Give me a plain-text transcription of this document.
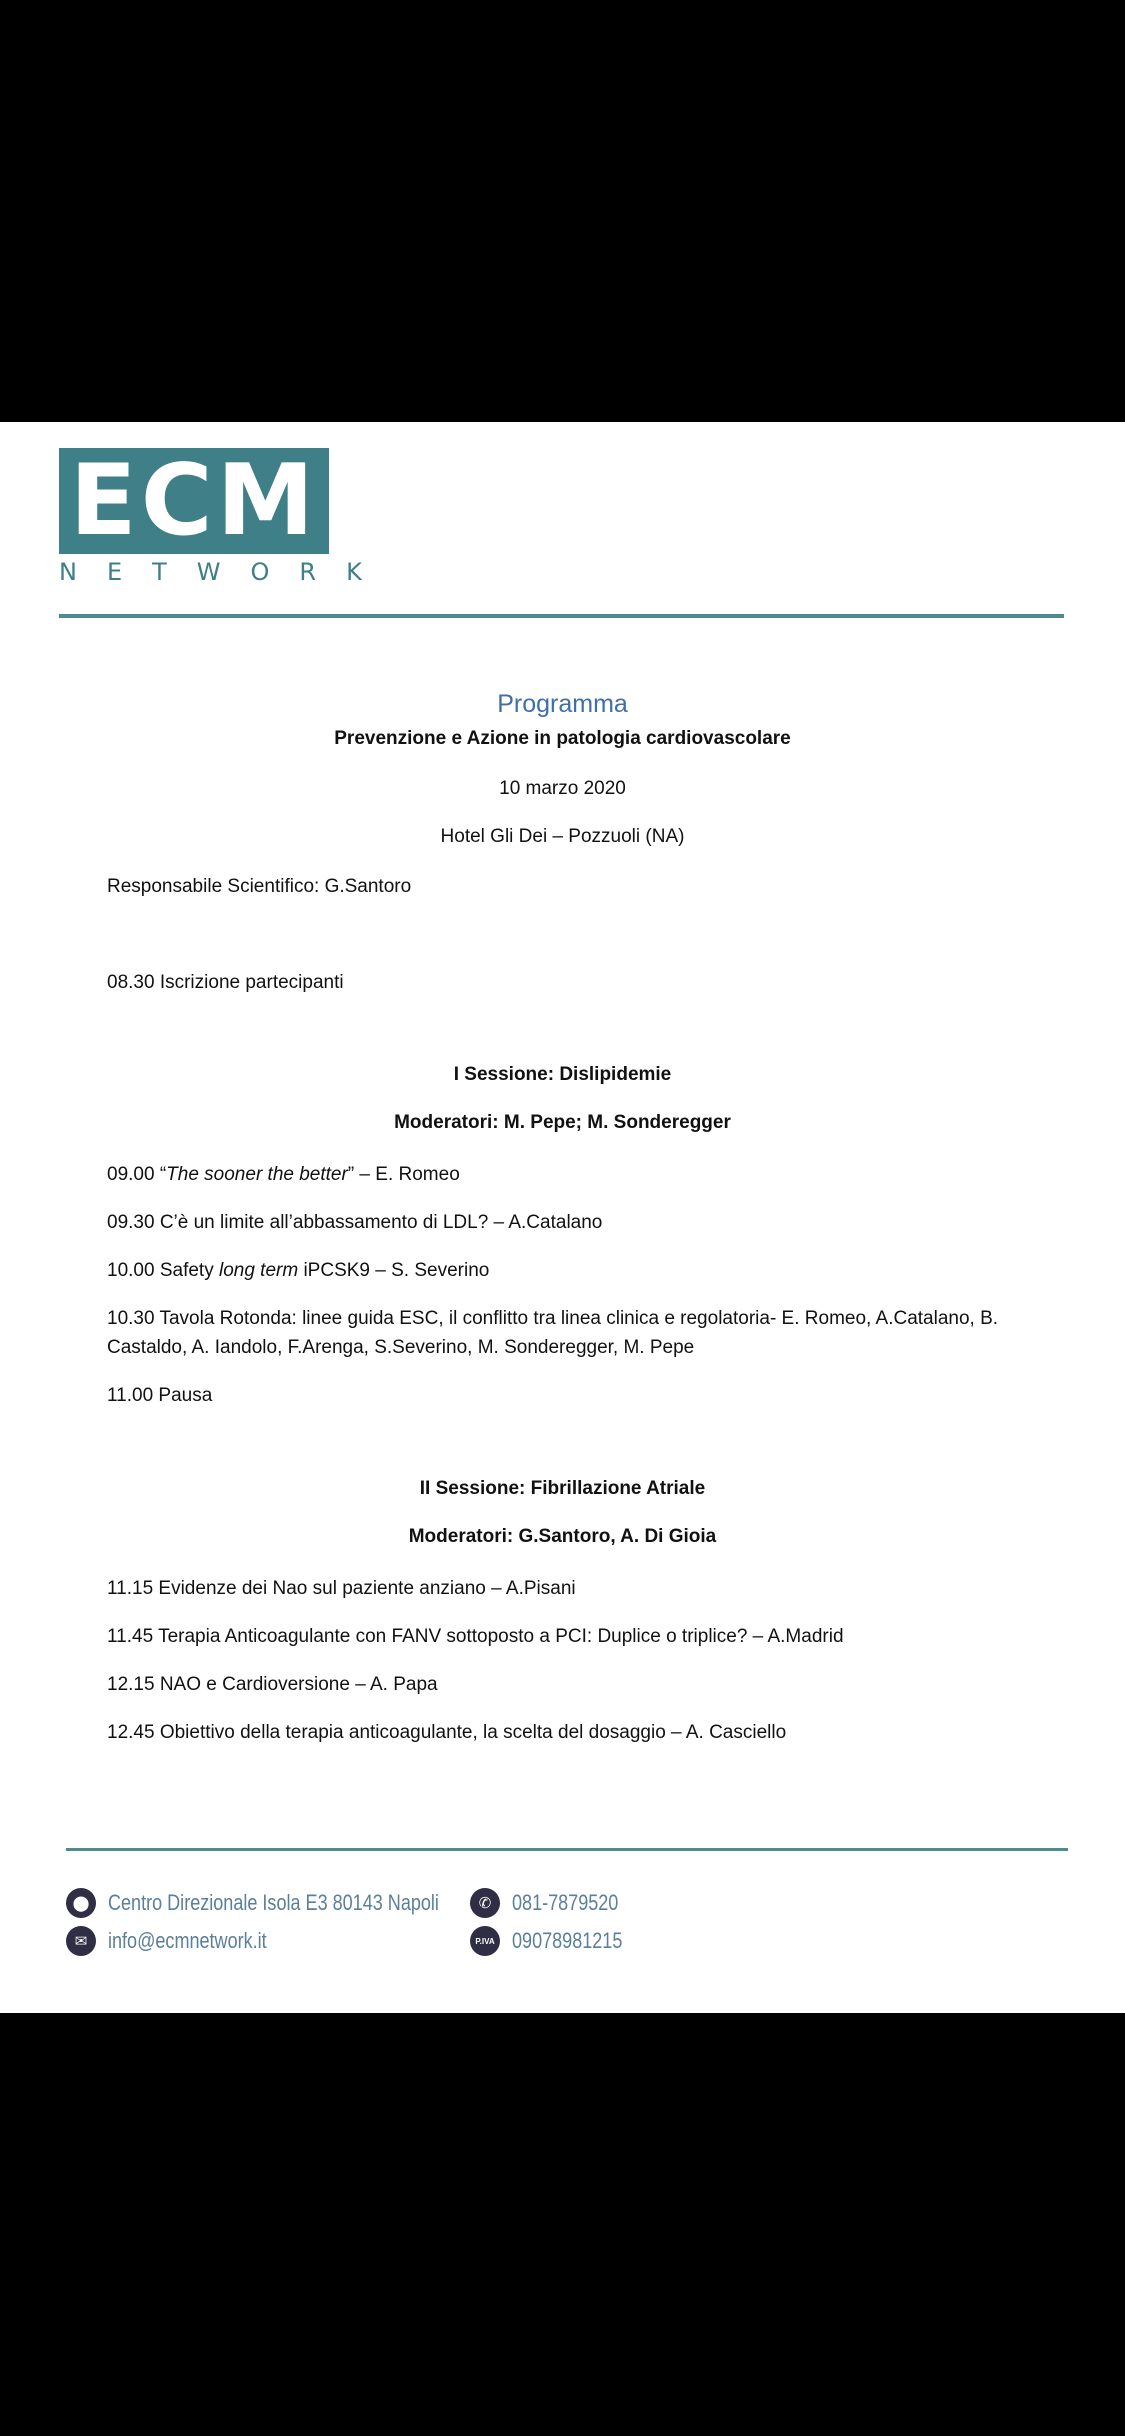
ECM
NETWORK
Programma
Prevenzione e Azione in patologia cardiovascolare
10 marzo 2020
Hotel Gli Dei – Pozzuoli (NA)
Responsabile Scientifico: G.Santoro
08.30 Iscrizione partecipanti
I Sessione: Dislipidemie
Moderatori: M. Pepe; M. Sonderegger
09.00 “The sooner the better” – E. Romeo
09.30 C’è un limite all’abbassamento di LDL? – A.Catalano
10.00 Safety long term iPCSK9 – S. Severino
10.30 Tavola Rotonda: linee guida ESC, il conflitto tra linea clinica e regolatoria- E. Romeo, A.Catalano, B.
Castaldo, A. Iandolo, F.Arenga, S.Severino, M. Sonderegger, M. Pepe
11.00 Pausa
II Sessione: Fibrillazione Atriale
Moderatori: G.Santoro, A. Di Gioia
11.15 Evidenze dei Nao sul paziente anziano – A.Pisani
11.45 Terapia Anticoagulante con FANV sottoposto a PCI: Duplice o triplice? – A.Madrid
12.15 NAO e Cardioversione – A. Papa
12.45 Obiettivo della terapia anticoagulante, la scelta del dosaggio – A. Casciello
⬤ Centro Direzionale Isola E3 80143 Napoli
✉ info@ecmnetwork.it
✆ 081-7879520
P.IVA 09078981215
